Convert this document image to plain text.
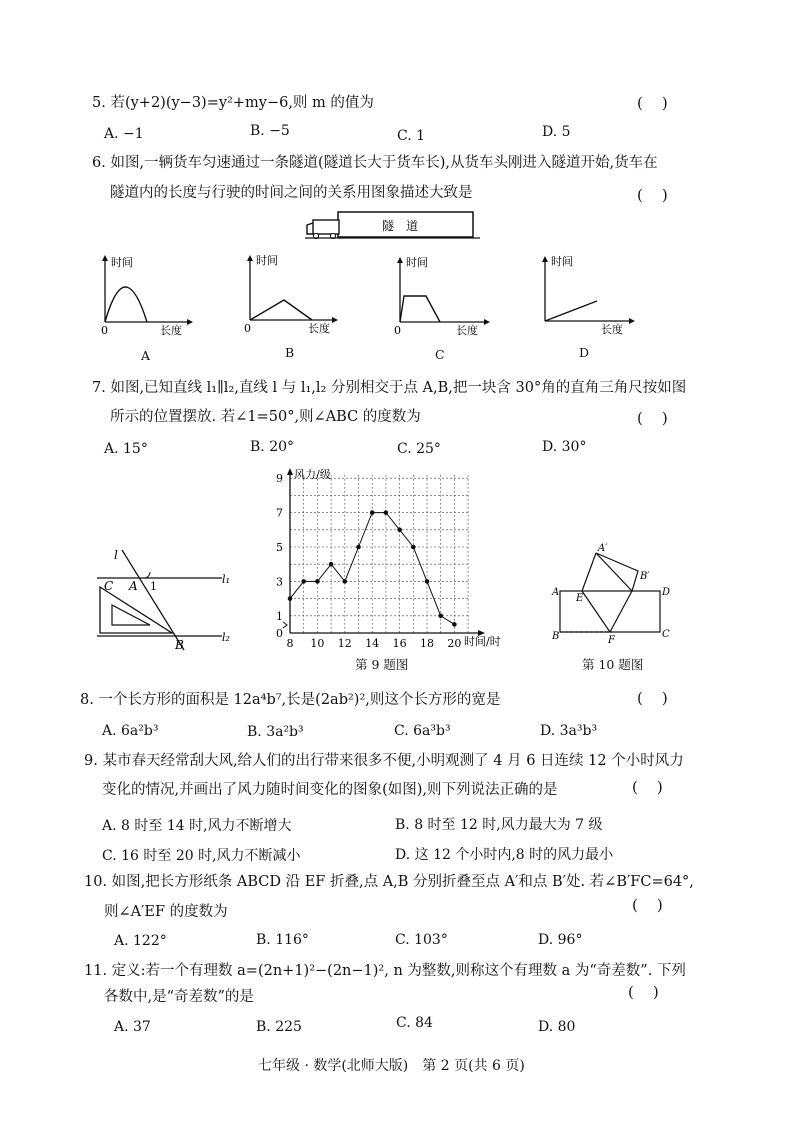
5. 若(y+2)(y−3)=y²+my−6,则 m 的值为	(    )
A. −1	B. −5	C. 1	D. 5
6. 如图,一辆货车匀速通过一条隧道(隧道长大于货车长),从货车头刚进入隧道开始,货车在
隧道内的长度与行驶的时间之间的关系用图象描述大致是	(    )
隧　道
时间
0	长度
A
时间
0	长度
B
时间
0	长度
C
时间
长度
D
7. 如图,已知直线 l₁∥l₂,直线 l 与 l₁,l₂ 分别相交于点 A,B,把一块含 30°角的直角三角尺按如图
所示的位置摆放. 若∠1=50°,则∠ABC 的度数为	(    )
A. 15°	B. 20°	C. 25°	D. 30°
l
C A 1
B
l₁
l₂
风力/级
时间/时
0
1
3
5
7
9
8 10 12 14 16 18 20
第 9 题图
A′
B′
A
E
D
B	F
C
第 10 题图
8. 一个长方形的面积是 12a⁴b⁷,长是(2ab²)²,则这个长方形的宽是	(    )
A. 6a²b³	B. 3a²b³	C. 6a³b³	D. 3a³b³
9. 某市春天经常刮大风,给人们的出行带来很多不便,小明观测了 4 月 6 日连续 12 个小时风力
变化的情况,并画出了风力随时间变化的图象(如图),则下列说法正确的是	(    )
A. 8 时至 14 时,风力不断增大	B. 8 时至 12 时,风力最大为 7 级
C. 16 时至 20 时,风力不断减小	D. 这 12 个小时内,8 时的风力最小
10. 如图,把长方形纸条 ABCD 沿 EF 折叠,点 A,B 分别折叠至点 A′和点 B′处. 若∠B′FC=64°,
则∠A′EF 的度数为	(    )
A. 122°	B. 116°	C. 103°	D. 96°
11. 定义:若一个有理数 a=(2n+1)²−(2n−1)², n 为整数,则称这个有理数 a 为“奇差数”. 下列
各数中,是“奇差数”的是	(    )
A. 37	B. 225	C. 84	D. 80
七年级 · 数学(北师大版)　第 2 页(共 6 页)
